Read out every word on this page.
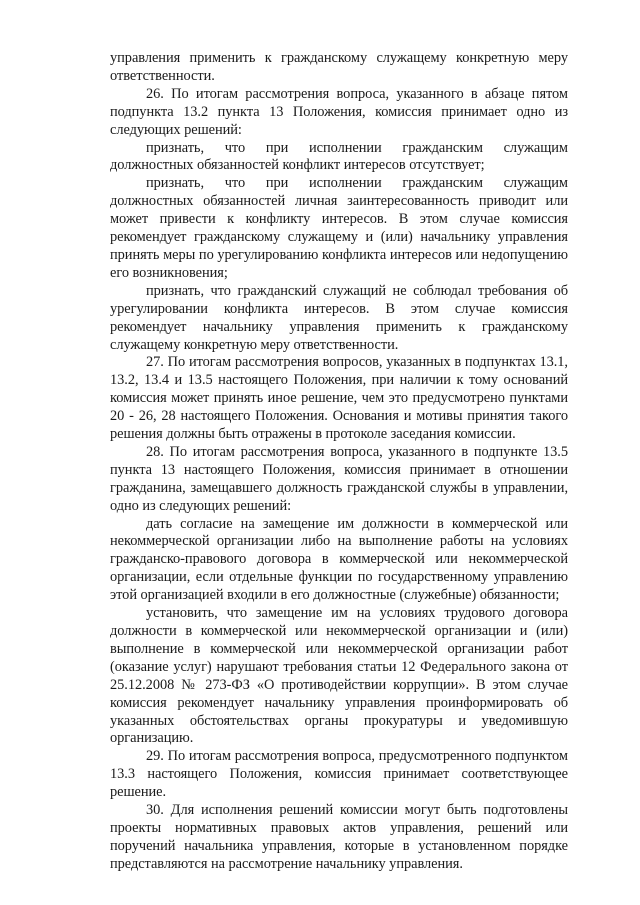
управления применить к гражданскому служащему конкретную меру ответственности.

26. По итогам рассмотрения вопроса, указанного в абзаце пятом подпункта 13.2 пункта 13 Положения, комиссия принимает одно из следующих решений:

признать, что при исполнении гражданским служащим должностных обязанностей конфликт интересов отсутствует;

признать, что при исполнении гражданским служащим должностных обязанностей личная заинтересованность приводит или может привести к конфликту интересов. В этом случае комиссия рекомендует гражданскому служащему и (или) начальнику управления принять меры по урегулированию конфликта интересов или недопущению его возникновения;

признать, что гражданский служащий не соблюдал требования об урегулировании конфликта интересов. В этом случае комиссия рекомендует начальнику управления применить к гражданскому служащему конкретную меру ответственности.

27. По итогам рассмотрения вопросов, указанных в подпунктах 13.1, 13.2, 13.4 и 13.5 настоящего Положения, при наличии к тому оснований комиссия может принять иное решение, чем это предусмотрено пунктами 20 - 26, 28 настоящего Положения. Основания и мотивы принятия такого решения должны быть отражены в протоколе заседания комиссии.

28. По итогам рассмотрения вопроса, указанного в подпункте 13.5 пункта 13 настоящего Положения, комиссия принимает в отношении гражданина, замещавшего должность гражданской службы в управлении, одно из следующих решений:

дать согласие на замещение им должности в коммерческой или некоммерческой организации либо на выполнение работы на условиях гражданско-правового договора в коммерческой или некоммерческой организации, если отдельные функции по государственному управлению этой организацией входили в его должностные (служебные) обязанности;

установить, что замещение им на условиях трудового договора должности в коммерческой или некоммерческой организации и (или) выполнение в коммерческой или некоммерческой организации работ (оказание услуг) нарушают требования статьи 12 Федерального закона от 25.12.2008 № 273-ФЗ «О противодействии коррупции». В этом случае комиссия рекомендует начальнику управления проинформировать об указанных обстоятельствах органы прокуратуры и уведомившую организацию.

29. По итогам рассмотрения вопроса, предусмотренного подпунктом 13.3 настоящего Положения, комиссия принимает соответствующее решение.

30. Для исполнения решений комиссии могут быть подготовлены проекты нормативных правовых актов управления, решений или поручений начальника управления, которые в установленном порядке представляются на рассмотрение начальнику управления.
